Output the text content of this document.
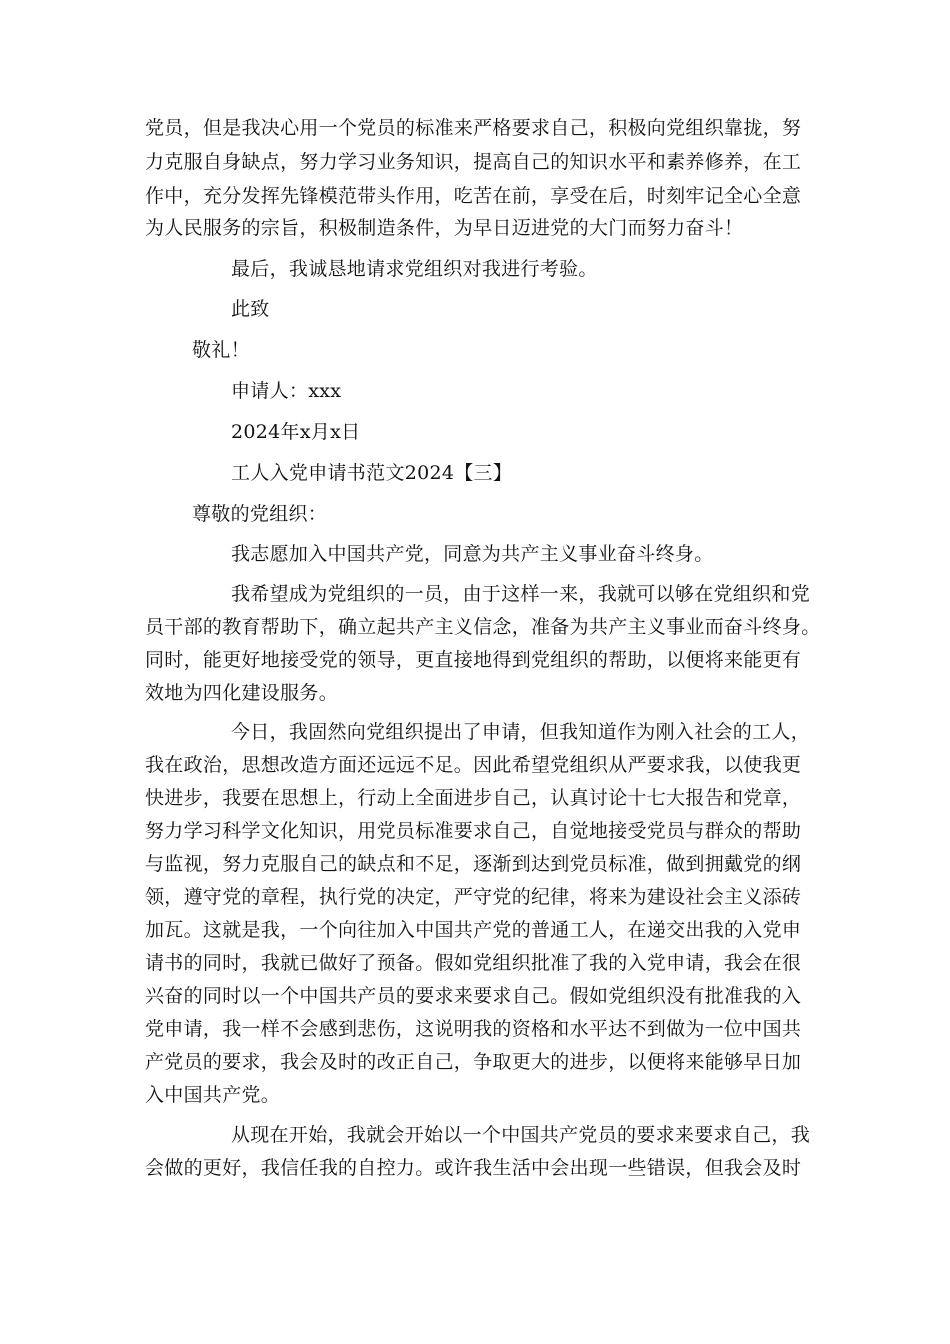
党员，但是我决心用一个党员的标准来严格要求自己，积极向党组织靠拢，努
力克服自身缺点，努力学习业务知识，提高自己的知识水平和素养修养，在工
作中，充分发挥先锋模范带头作用，吃苦在前，享受在后，时刻牢记全心全意
为人民服务的宗旨，积极制造条件，为早日迈进党的大门而努力奋斗！
最后，我诚恳地请求党组织对我进行考验。
此致
敬礼！
申请人：xxx
2024年x月x日
工人入党申请书范文2024【三】
尊敬的党组织：
我志愿加入中国共产党，同意为共产主义事业奋斗终身。
我希望成为党组织的一员，由于这样一来，我就可以够在党组织和党
员干部的教育帮助下，确立起共产主义信念，准备为共产主义事业而奋斗终身。
同时，能更好地接受党的领导，更直接地得到党组织的帮助，以便将来能更有
效地为四化建设服务。
今日，我固然向党组织提出了申请，但我知道作为刚入社会的工人，
我在政治，思想改造方面还远远不足。因此希望党组织从严要求我，以使我更
快进步，我要在思想上，行动上全面进步自己，认真讨论十七大报告和党章，
努力学习科学文化知识，用党员标准要求自己，自觉地接受党员与群众的帮助
与监视，努力克服自己的缺点和不足，逐渐到达到党员标准，做到拥戴党的纲
领，遵守党的章程，执行党的决定，严守党的纪律，将来为建设社会主义添砖
加瓦。这就是我，一个向往加入中国共产党的普通工人，在递交出我的入党申
请书的同时，我就已做好了预备。假如党组织批准了我的入党申请，我会在很
兴奋的同时以一个中国共产员的要求来要求自己。假如党组织没有批准我的入
党申请，我一样不会感到悲伤，这说明我的资格和水平达不到做为一位中国共
产党员的要求，我会及时的改正自己，争取更大的进步，以便将来能够早日加
入中国共产党。
从现在开始，我就会开始以一个中国共产党员的要求来要求自己，我
会做的更好，我信任我的自控力。或许我生活中会出现一些错误，但我会及时
